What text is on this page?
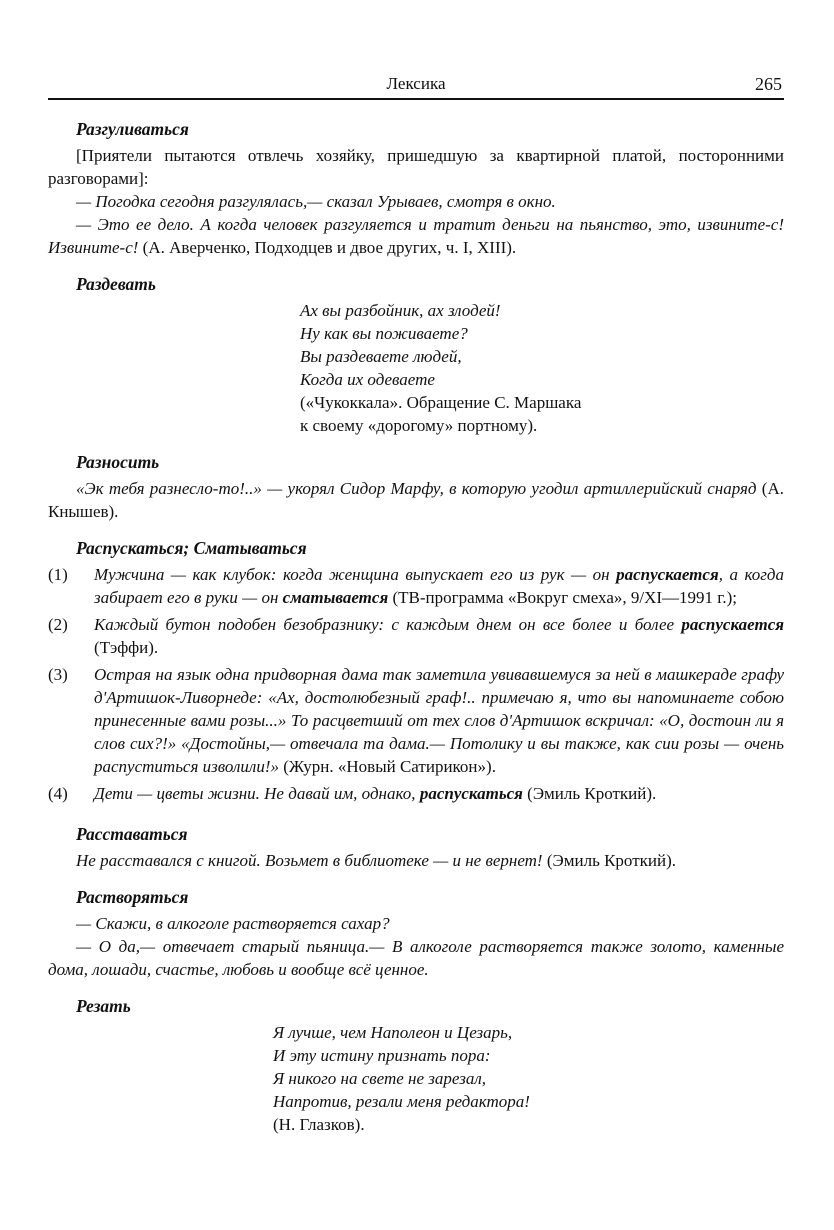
Лексика	265
Разгуливаться

[Приятели пытаются отвлечь хозяйку, пришедшую за квартирной платой, посторонними разговорами]:

— Погодка сегодня разгулялась,— сказал Урываев, смотря в окно.

— Это ее дело. А когда человек разгуляется и тратит деньги на пьянство, это, извините-с! Извините-с! (А. Аверченко, Подходцев и двое других, ч. I, XIII).

Раздевать
Ах вы разбойник, ах злодей!
Ну как вы поживаете?
Вы раздеваете людей,
Когда их одеваете
(«Чукоккала». Обращение С. Маршака
к своему «дорогому» портному).
Разносить

«Эк тебя разнесло-то!..» — укорял Сидор Марфу, в которую угодил артиллерийский снаряд (А. Кнышев).

Распускаться; Сматываться
(1)	Мужчина — как клубок: когда женщина выпускает его из рук — он распускается, а когда забирает его в руки — он сматывается (ТВ-программа «Вокруг смеха», 9/XI—1991 г.);
(2)	Каждый бутон подобен безобразнику: с каждым днем он все более и более распускается (Тэффи).
(3)	Острая на язык одна придворная дама так заметила увивавшемуся за ней в машкераде графу д'Артишок-Ливорнеде: «Ах, достолюбезный граф!.. примечаю я, что вы напоминаете собою принесенные вами розы...» То расцветший от тех слов д'Артишок вскричал: «О, достоин ли я слов сих?!» «Достойны,— отвечала та дама.— Потолику и вы также, как сии розы — очень распуститься изволили!» (Журн. «Новый Сатирикон»).
(4)	Дети — цветы жизни. Не давай им, однако, распускаться (Эмиль Кроткий).
Расставаться

Не расставался с книгой. Возьмет в библиотеке — и не вернет! (Эмиль Кроткий).

Растворяться

— Скажи, в алкоголе растворяется сахар?

— О да,— отвечает старый пьяница.— В алкоголе растворяется также золото, каменные дома, лошади, счастье, любовь и вообще всё ценное.

Резать
Я лучше, чем Наполеон и Цезарь,
И эту истину признать пора:
Я никого на свете не зарезал,
Напротив, резали меня редактора!
(Н. Глазков).
